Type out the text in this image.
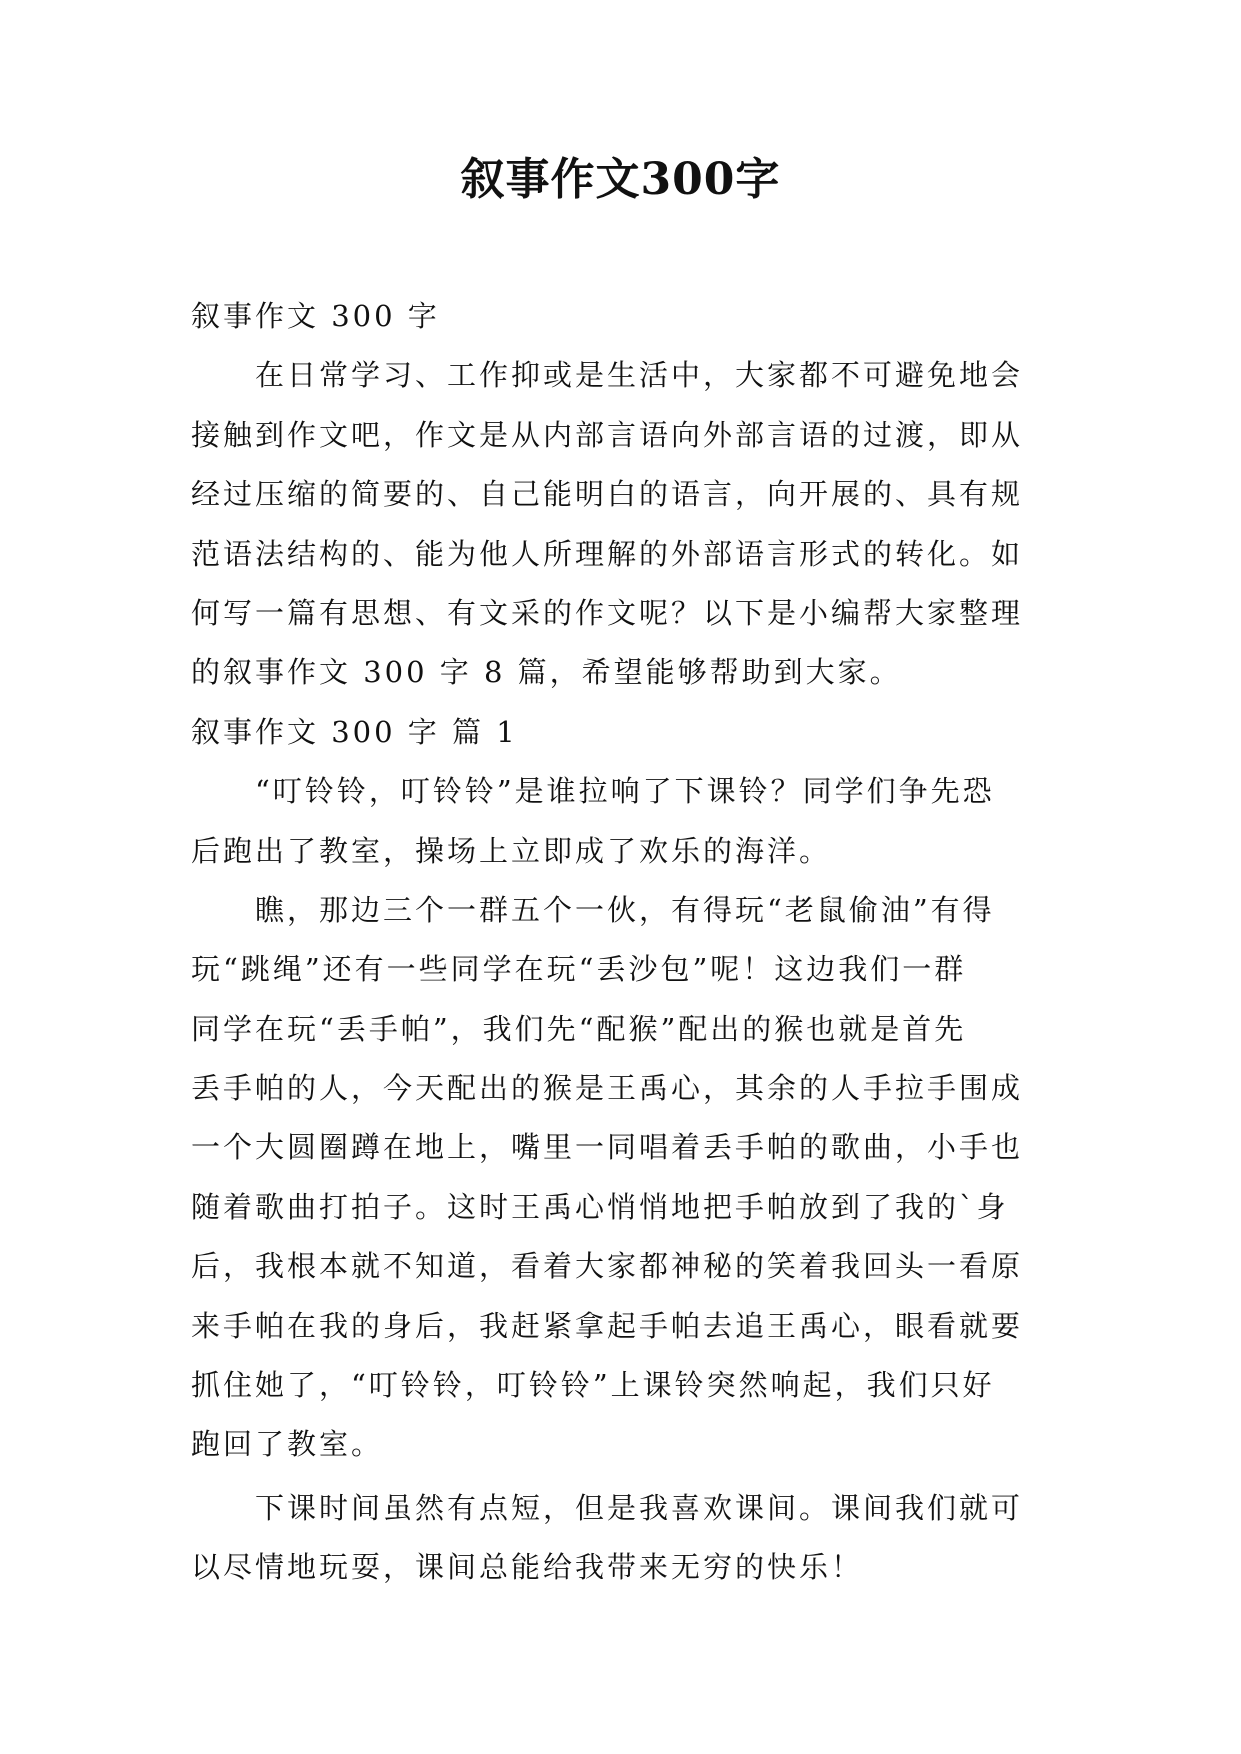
叙事作文300字
叙事作文 300 字
在日常学习、工作抑或是生活中，大家都不可避免地会
接触到作文吧，作文是从内部言语向外部言语的过渡，即从
经过压缩的简要的、自己能明白的语言，向开展的、具有规
范语法结构的、能为他人所理解的外部语言形式的转化。如
何写一篇有思想、有文采的作文呢？以下是小编帮大家整理
的叙事作文 300 字 8 篇，希望能够帮助到大家。
叙事作文 300 字 篇 1
“叮铃铃，叮铃铃”是谁拉响了下课铃？同学们争先恐
后跑出了教室，操场上立即成了欢乐的海洋。
瞧，那边三个一群五个一伙，有得玩“老鼠偷油”有得
玩“跳绳”还有一些同学在玩“丢沙包”呢！这边我们一群
同学在玩“丢手帕”，我们先“配猴”配出的猴也就是首先
丢手帕的人，今天配出的猴是王禹心，其余的人手拉手围成
一个大圆圈蹲在地上，嘴里一同唱着丢手帕的歌曲，小手也
随着歌曲打拍子。这时王禹心悄悄地把手帕放到了我的`身
后，我根本就不知道，看着大家都神秘的笑着我回头一看原
来手帕在我的身后，我赶紧拿起手帕去追王禹心，眼看就要
抓住她了，“叮铃铃，叮铃铃”上课铃突然响起，我们只好
跑回了教室。
下课时间虽然有点短，但是我喜欢课间。课间我们就可
以尽情地玩耍，课间总能给我带来无穷的快乐！
